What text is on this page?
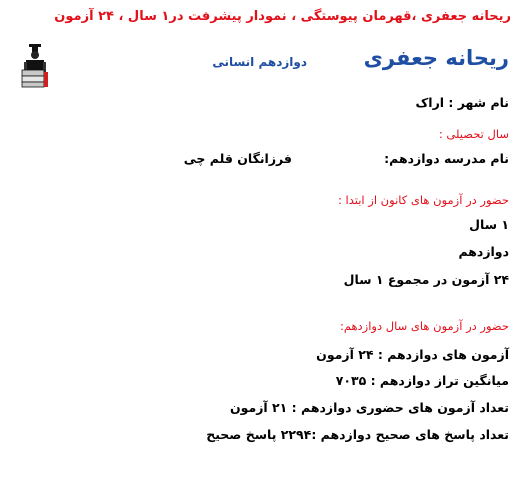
ریحانه جعفری ،قهرمان پیوستگی ، نمودار پیشرفت در۱ سال ، ۲۴ آزمون
ریحانه جعفری
دوازدهم انسانی
نام شهر : اراک
سال تحصیلی :
نام مدرسه دوازدهم:
فرزانگان قلم چی
حضور در آزمون های کانون از ابتدا :
۱ سال
دوازدهم
۲۴ آزمون در مجموع ۱ سال
حضور در آزمون های سال دوازدهم:
آزمون های دوازدهم : ۲۴ آزمون
میانگین تراز دوازدهم : ۷۰۳۵
تعداد آزمون های حضوری دوازدهم : ۲۱ آزمون
تعداد پاسخ های صحیح دوازدهم :۲۲۹۴ پاسخ صحیح
